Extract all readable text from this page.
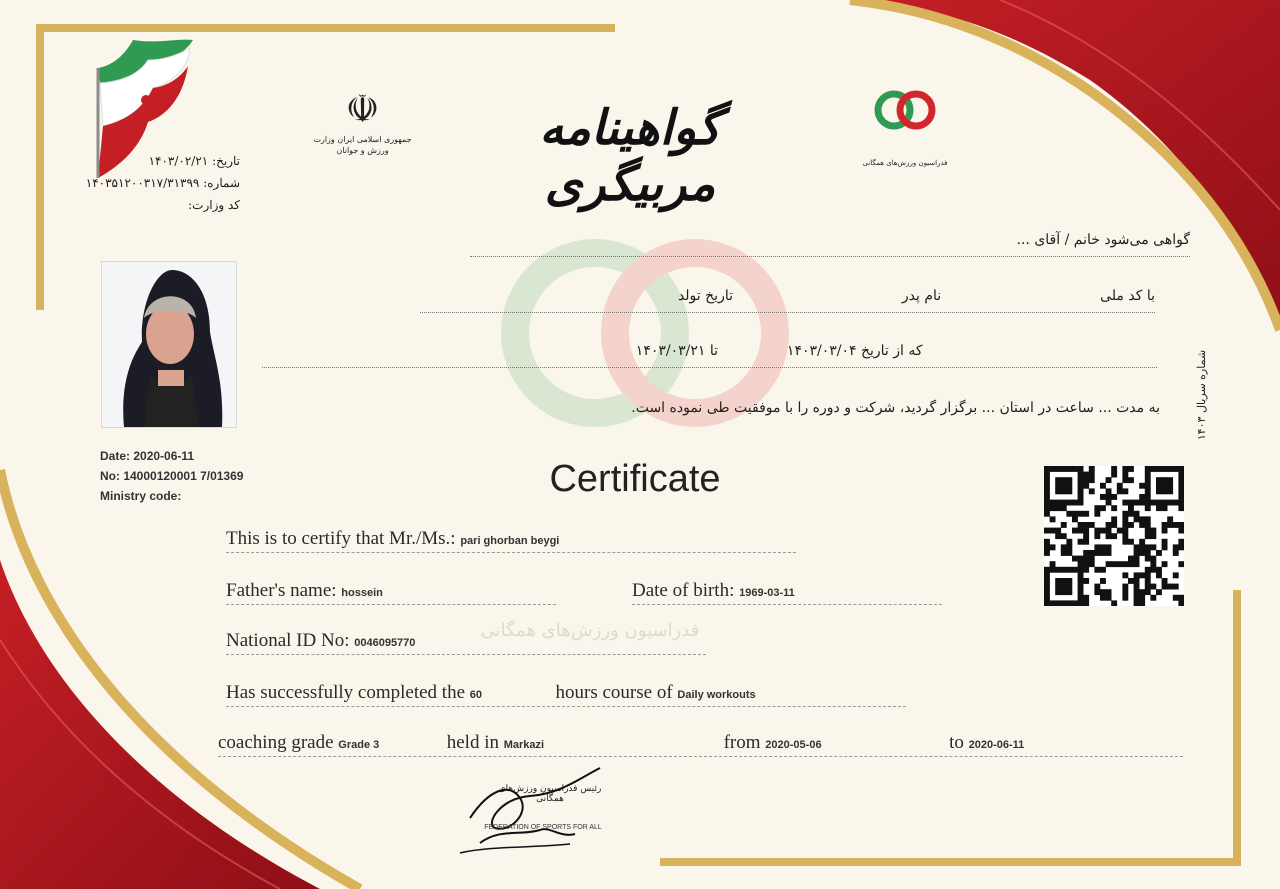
تاریخ: ۱۴۰۳/۰۲/۲۱
شماره: ۱۴۰۳۵۱۲۰۰۳۱۷/۳۱۳۹۹
کد وزارت:
☫
جمهوری اسلامی ایران وزارت ورزش و جوانان	گواهینامه مربیگری	فدراسیون ورزش‌های همگانی
Date: 2020-06-11
No: 14000120001 7/01369
Ministry code:
گواهی می‌شود خانم / آقای ...
با کد ملی  نام پدر  تاریخ تولد
که از تاریخ ۱۴۰۳/۰۳/۰۴  تا ۱۴۰۳/۰۳/۲۱
به مدت ... ساعت در استان ... برگزار گردید، شرکت و دوره را با موفقیت طی نموده است.
Certificate
شماره سریال ۱۴۰۳
فدراسیون ورزش‌های همگانی
This is to certify that Mr./Ms.: pari ghorban beygi
Father's name: hossein	Date of birth: 1969-03-11
National ID No: 0046095770
Has successfully completed the 60	hours course of Daily workouts
coaching grade Grade 3	held in Markazi	from 2020-05-06	to 2020-06-11
رئیس فدراسیون ورزش‌های همگانی
FEDERATION OF SPORTS FOR ALL
